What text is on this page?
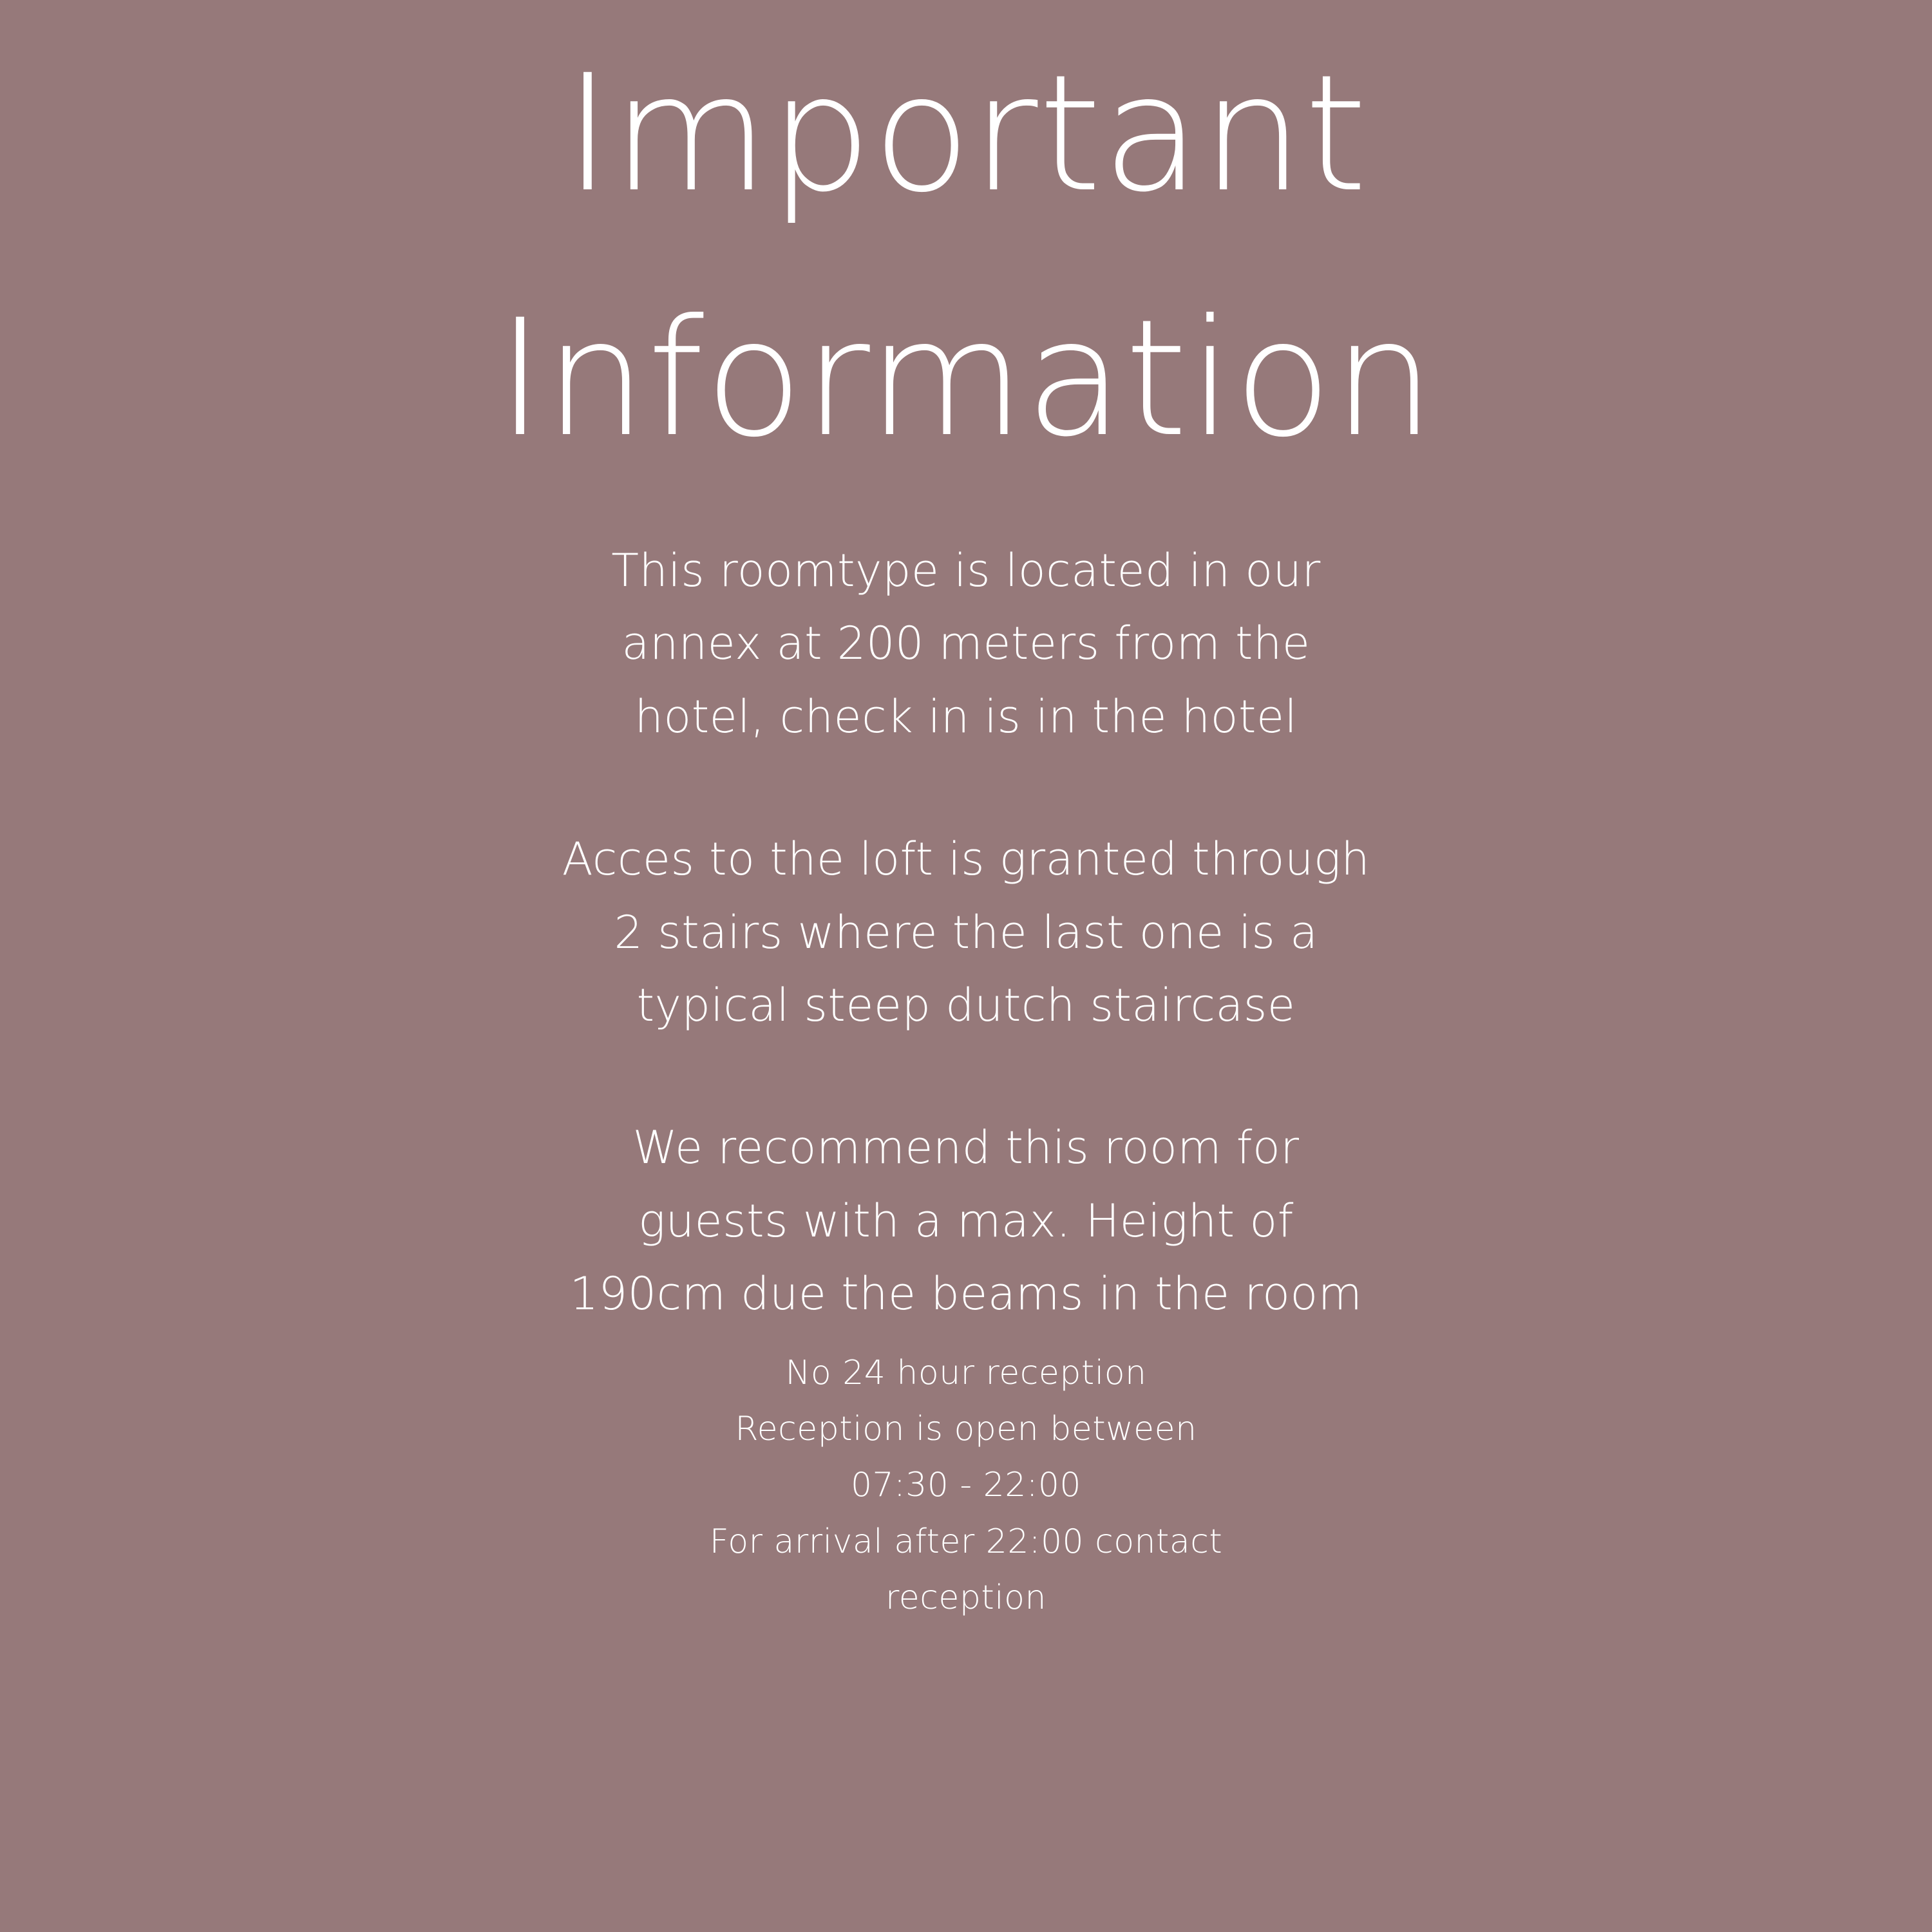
Important
Information

This roomtype is located in our annex at 200 meters from the hotel, check in is in the hotel

Acces to the loft is granted through 2 stairs where the last one is a typical steep dutch staircase

We recommend this room for guests with a max. Height of 190cm due the beams in the room

No 24 hour reception
Reception is open between
07:30 - 22:00
For arrival after 22:00 contact
reception
